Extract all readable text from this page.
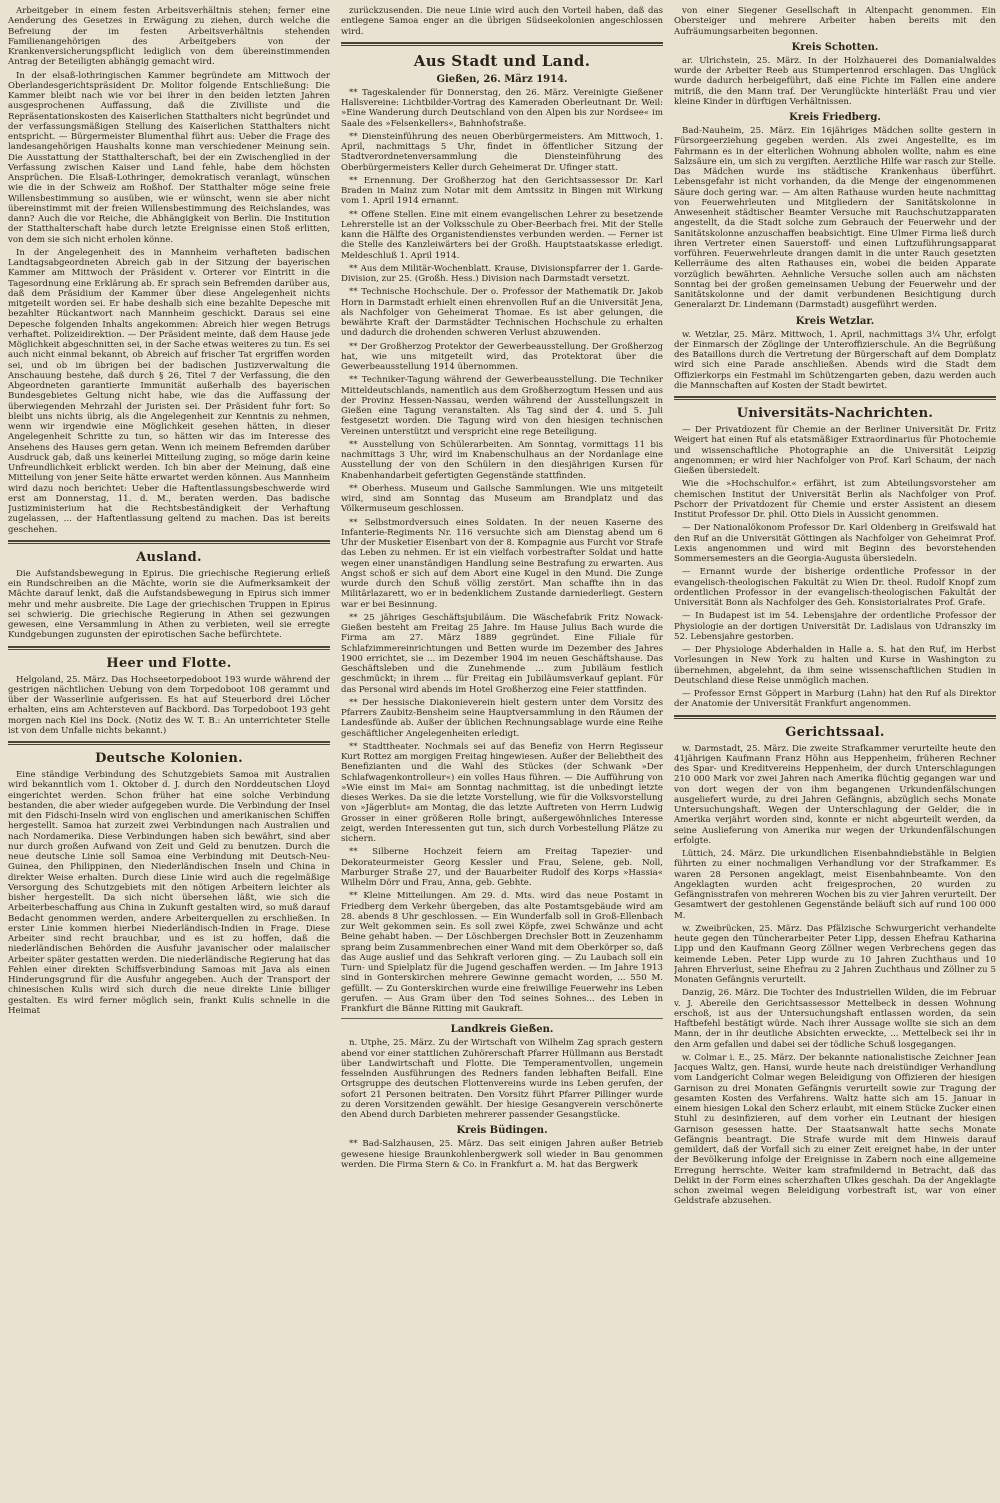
Arbeitgeber in einem festen Arbeitsverhältnis stehen; ferner eine Aenderung des Gesetzes in Erwägung zu ziehen, durch welche die Befreiung der im festen Arbeitsverhältnis stehenden Familienangehörigen des Arbeitgebers von der Krankenversicherungspflicht lediglich von dem übereinstimmenden Antrag der Beteiligten abhängig gemacht wird.

In der elsaß-lothringischen Kammer begründete am Mittwoch der Oberlandesgerichtspräsident Dr. Molitor folgende Entschließung: Die Kammer bleibt nach wie vor bei ihrer in den beiden letzten Jahren ausgesprochenen Auffassung, daß die Zivilliste und die Repräsentationskosten des Kaiserlichen Statthalters nicht begründet und der verfassungsmäßigen Stellung des Kaiserlichen Statthalters nicht entspricht. — Bürgermeister Blumenthal führt aus: Ueber die Frage des landesangehörigen Haushalts konne man verschiedener Meinung sein. Die Ausstattung der Statthalterschaft, bei der ein Zwischenglied in der Verfassung zwischen Kaiser und Land fehle, habe dem höchsten Ansprüchen. Die Elsaß-Lothringer, demokratisch veranlagt, wünschen wie die in der Schweiz am Roßhof. Der Statthalter möge seine freie Willensbestimmung so ausüben, wie er wünscht, wenn sie aber nicht übereinstimmt mit der freien Willensbestimmung des Reichslandes, was dann? Auch die vor Reiche, die Abhängigkeit von Berlin. Die Institution der Statthalterschaft habe durch letzte Ereignisse einen Stoß erlitten, von dem sie sich nicht erholen könne.

In der Angelegenheit des in Mannheim verhafteten badischen Landtagsabgeordneten Abreich gab in der Sitzung der bayerischen Kammer am Mittwoch der Präsident v. Orterer vor Eintritt in die Tagesordnung eine Erklärung ab. Er sprach sein Befremden darüber aus, daß dem Präsidium der Kammer über diese Angelegenheit nichts mitgeteilt worden sei. Er habe deshalb sich eine bezahlte Depesche mit bezahlter Rückantwort nach Mannheim geschickt. Daraus sei eine Depesche folgenden Inhalts angekommen: Abreich hier wegen Betrugs verhaftet. Polizeidirektion. — Der Präsident meinte, daß dem Hause jede Möglichkeit abgeschnitten sei, in der Sache etwas weiteres zu tun. Es sei auch nicht einmal bekannt, ob Abreich auf frischer Tat ergriffen worden sei, und ob im übrigen bei der badischen Justizverwaltung die Anschauung bestehe, daß durch § 26, Titel 7 der Verfassung, die den Abgeordneten garantierte Immunität außerhalb des bayerischen Bundesgebietes Geltung nicht habe, wie das die Auffassung der überwiegenden Mehrzahl der Juristen sei. Der Präsident fuhr fort: So bleibt uns nichts übrig, als die Angelegenheit zur Kenntnis zu nehmen, wenn wir irgendwie eine Möglichkeit gesehen hätten, in dieser Angelegenheit Schritte zu tun, so hätten wir das im Interesse des Ansehens des Hauses gern getan. Wenn ich meinem Befremden darüber Ausdruck gab, daß uns keinerlei Mitteilung zuging, so möge darin keine Unfreundlichkeit erblickt werden. Ich bin aber der Meinung, daß eine Mitteilung von jener Seite hätte erwartet werden können. Aus Mannheim wird dazu noch berichtet: Ueber die Haftentlassungsbeschwerde wird erst am Donnerstag, 11. d. M., beraten werden. Das badische Justizministerium hat die Rechtsbeständigkeit der Verhaftung zugelassen, ... der Haftentlassung geltend zu machen. Das ist bereits geschehen.

Ausland.

Die Aufstandsbewegung in Epirus. Die griechische Regierung erließ ein Rundschreiben an die Mächte, worin sie die Aufmerksamkeit der Mächte darauf lenkt, daß die Aufstandsbewegung in Epirus sich immer mehr und mehr ausbreite. Die Lage der griechischen Truppen in Epirus sei schwierig. Die griechische Regierung in Athen sei gezwungen gewesen, eine Versammlung in Athen zu verbieten, weil sie erregte Kundgebungen zugunsten der epirotischen Sache befürchtete.

Heer und Flotte.

Helgoland, 25. März. Das Hochseetorpedoboot 193 wurde während der gestrigen nächtlichen Uebung von dem Torpedoboot 108 gerammt und über der Wasserlinie aufgerissen. Es hat auf Steuerbord drei Löcher erhalten, eins am Achtersteven auf Backbord. Das Torpedoboot 193 geht morgen nach Kiel ins Dock. (Notiz des W. T. B.: An unterrichteter Stelle ist von dem Unfalle nichts bekannt.)

Deutsche Kolonien.

Eine ständige Verbindung des Schutzgebiets Samoa mit Australien wird bekanntlich vom 1. Oktober d. J. durch den Norddeutschen Lloyd eingerichtet werden. Schon früher hat eine solche Verbindung bestanden, die aber wieder aufgegeben wurde. Die Verbindung der Insel mit den Fidschi-Inseln wird von englischen und amerikanischen Schiffen hergestellt. Samoa hat zurzeit zwei Verbindungen nach Australien und nach Nordamerika. Diese Verbindungen haben sich bewährt, sind aber nur durch großen Aufwand von Zeit und Geld zu benutzen. Durch die neue deutsche Linie soll Samoa eine Verbindung mit Deutsch-Neu-Guinea, den Philippinen, den Niederländischen Inseln und China in direkter Weise erhalten. Durch diese Linie wird auch die regelmäßige Versorgung des Schutzgebiets mit den nötigen Arbeitern leichter als bisher hergestellt. Da sich nicht übersehen läßt, wie sich die Arbeiterbeschaffung aus China in Zukunft gestalten wird, so muß darauf Bedacht genommen werden, andere Arbeiterquellen zu erschließen. In erster Linie kommen hierbei Niederländisch-Indien in Frage. Diese Arbeiter sind recht brauchbar, und es ist zu hoffen, daß die niederländischen Behörden die Ausfuhr javanischer oder malaiischer Arbeiter später gestatten werden. Die niederländische Regierung hat das Fehlen einer direkten Schiffsverbindung Samoas mit Java als einen Hinderungsgrund für die Ausfuhr angegeben. Auch der Transport der chinesischen Kulis wird sich durch die neue direkte Linie billiger gestalten. Es wird ferner möglich sein, frankt Kulis schnelle in die Heimat

zurückzusenden. Die neue Linie wird auch den Vorteil haben, daß das entlegene Samoa enger an die übrigen Südseekolonien angeschlossen wird.

Aus Stadt und Land.
Gießen, 26. März 1914.

** Tageskalender für Donnerstag, den 26. März. Vereinigte Gießener Hallsvereine: Lichtbilder-Vortrag des Kameraden Oberleutnant Dr. Weil: »Eine Wanderung durch Deutschland von den Alpen bis zur Nordsee« im Saale des »Felsenkellers«, Bahnhofstraße.

** Diensteinführung des neuen Oberbürgermeisters. Am Mittwoch, 1. April, nachmittags 5 Uhr, findet in öffentlicher Sitzung der Stadtverordnetenversammlung die Diensteinführung des Oberbürgermeisters Keller durch Geheimerat Dr. Ufinger statt.

** Ernennung. Der Großherzog hat den Gerichtsassessor Dr. Karl Braden in Mainz zum Notar mit dem Amtssitz in Bingen mit Wirkung vom 1. April 1914 ernannt.

** Offene Stellen. Eine mit einem evangelischen Lehrer zu besetzende Lehrerstelle ist an der Volksschule zu Ober-Beerbach frei. Mit der Stelle kann die Hälfte des Organistendienstes verbunden werden. — Ferner ist die Stelle des Kanzleiwärters bei der Großh. Hauptstaatskasse erledigt. Meldeschluß 1. April 1914.

** Aus dem Militär-Wochenblatt. Krause, Divisionspfarrer der 1. Garde-Division, zur 25. (Großh. Hess.) Division nach Darmstadt versetzt.

** Technische Hochschule. Der o. Professor der Mathematik Dr. Jakob Horn in Darmstadt erhielt einen ehrenvollen Ruf an die Universität Jena, als Nachfolger von Geheimerat Thomae. Es ist aber gelungen, die bewährte Kraft der Darmstädter Technischen Hochschule zu erhalten und dadurch die drohenden schweren Verlust abzuwenden.

** Der Großherzog Protektor der Gewerbeausstellung. Der Großherzog hat, wie uns mitgeteilt wird, das Protektorat über die Gewerbeausstellung 1914 übernommen.

** Techniker-Tagung während der Gewerbeausstellung. Die Techniker Mitteldeutschlands, namentlich aus dem Großherzogtum Hessen und aus der Provinz Hessen-Nassau, werden während der Ausstellungszeit in Gießen eine Tagung veranstalten. Als Tag sind der 4. und 5. Juli festgesetzt worden. Die Tagung wird von den hiesigen technischen Vereinen unterstützt und verspricht eine rege Beteiligung.

** Ausstellung von Schülerarbeiten. Am Sonntag, vormittags 11 bis nachmittags 3 Uhr, wird im Knabenschulhaus an der Nordanlage eine Ausstellung der von den Schülern in den diesjährigen Kursen für Knabenhandarbeit gefertigten Gegenstände stattfinden.

** Oberhess. Museum und Gailsche Sammlungen. Wie uns mitgeteilt wird, sind am Sonntag das Museum am Brandplatz und das Völkermuseum geschlossen.

** Selbstmordversuch eines Soldaten. In der neuen Kaserne des Infanterie-Regiments Nr. 116 versuchte sich am Dienstag abend um 6 Uhr der Musketier Eisenbart von der 8. Kompagnie aus Furcht vor Strafe das Leben zu nehmen. Er ist ein vielfach vorbestrafter Soldat und hatte wegen einer unanständigen Handlung seine Bestrafung zu erwarten. Aus Angst schoß er sich auf dem Abort eine Kugel in den Mund. Die Zunge wurde durch den Schuß völlig zerstört. Man schaffte ihn in das Militärlazarett, wo er in bedenklichem Zustande darniederliegt. Gestern war er bei Besinnung.

** 25 jähriges Geschäftsjubiläum. Die Wäschefabrik Fritz Nowack-Gießen besteht am Freitag 25 Jahre. Im Hause Julius Bach wurde die Firma am 27. März 1889 gegründet. Eine Filiale für Schlafzimmereinrichtungen und Betten wurde im Dezember des Jahres 1900 errichtet, sie ... im Dezember 1904 im neuen Geschäftshause. Das Geschäftsleben und die Zunehmende ... zum Jubiläum festlich geschmückt; in ihrem ... für Freitag ein Jubiläumsverkauf geplant. Für das Personal wird abends im Hotel Großherzog eine Feier stattfinden.

** Der hessische Diakonieverein hielt gestern unter dem Vorsitz des Pfarrers Zaubitz-Bensheim seine Hauptversammlung in den Räumen der Landesfünde ab. Außer der üblichen Rechnungsablage wurde eine Reihe geschäftlicher Angelegenheiten erledigt.

** Stadttheater. Nochmals sei auf das Benefiz von Herrn Regisseur Kurt Rottez am morgigen Freitag hingewiesen. Außer der Beliebtheit des Benefizianten und die Wahl des Stückes (der Schwank »Der Schlafwagenkontrolleur«) ein volles Haus führen. — Die Aufführung von »Wie einst im Mai« am Sonntag nachmittag, ist die unbedingt letzte dieses Werkes. Da sie die letzte Vorstellung, wie für die Volksvorstellung von »Jägerblut« am Montag, die das letzte Auftreten von Herrn Ludwig Grosser in einer größeren Rolle bringt, außergewöhnliches Interesse zeigt, werden Interessenten gut tun, sich durch Vorbestellung Plätze zu sichern.

** Silberne Hochzeit feiern am Freitag Tapezier- und Dekorateurmeister Georg Kessler und Frau, Selene, geb. Noll, Marburger Straße 27, und der Bauarbeiter Rudolf des Korps »Hassia« Wilhelm Dörr und Frau, Anna, geb. Gebhte.

** Kleine Mitteilungen. Am 29. d. Mts. wird das neue Postamt in Friedberg dem Verkehr übergeben, das alte Postamtsgebäude wird am 28. abends 8 Uhr geschlossen. — Ein Wunderfalb soll in Groß-Ellenbach zur Welt gekommen sein. Es soll zwei Köpfe, zwei Schwänze und acht Beine gehabt haben. — Der Löschbergen Drechsler Bott in Zeuzenhamm sprang beim Zusammenbrechen einer Wand mit dem Oberkörper so, daß das Auge auslief und das Sehkraft verloren ging. — Zu Laubach soll ein Turn- und Spielplatz für die Jugend geschaffen werden. — Im Jahre 1913 sind in Gonterskirchen mehrere Gewinne gemacht worden, ... 550 M. gefüllt. — Zu Gonterskirchen wurde eine freiwillige Feuerwehr ins Leben gerufen. — Aus Gram über den Tod seines Sohnes... des Leben in Frankfurt die Bänne Ritting mit Gaukraft.

Landkreis Gießen.

n. Utphe, 25. März. Zu der Wirtschaft von Wilhelm Zag sprach gestern abend vor einer stattlichen Zuhörerschaft Pfarrer Hüllmann aus Berstadt über Landwirtschaft und Flotte. Die Temperamentvollen, ungemein fesselnden Ausführungen des Redners fanden lebhaften Beifall. Eine Ortsgruppe des deutschen Flottenvereins wurde ins Leben gerufen, der sofort 21 Personen beitraten. Den Vorsitz führt Pfarrer Pillinger wurde zu deren Vorsitzenden gewählt. Der hiesige Gesangverein verschönerte den Abend durch Darbieten mehrerer passender Gesangstücke.

Kreis Büdingen.

** Bad-Salzhausen, 25. März. Das seit einigen Jahren außer Betrieb gewesene hiesige Braunkohlenbergwerk soll wieder in Bau genommen werden. Die Firma Stern & Co. in Frankfurt a. M. hat das Bergwerk

von einer Siegener Gesellschaft in Altenpacht genommen. Ein Obersteiger und mehrere Arbeiter haben bereits mit den Aufräumungsarbeiten begonnen.

Kreis Schotten.

ar. Ulrichstein, 25. März. In der Holzhauerei des Domanialwaldes wurde der Arbeiter Reeb aus Stumpertenrod erschlagen. Das Unglück wurde dadurch herbeigeführt, daß eine Fichte im Fallen eine andere mitriß, die den Mann traf. Der Verunglückte hinterläßt Frau und vier kleine Kinder in dürftigen Verhältnissen.

Kreis Friedberg.

Bad-Nauheim, 25. März. Ein 16jähriges Mädchen sollte gestern in Fürsorgeerziehung gegeben werden. Als zwei Angestellte, es im Fahrmann es in der elterlichen Wohnung abholen wollte, nahm es eine Salzsäure ein, um sich zu vergiften. Aerztliche Hilfe war rasch zur Stelle. Das Mädchen wurde ins städtische Krankenhaus überführt. Lebensgefahr ist nicht vorhanden, da die Menge der eingenommenen Säure doch gering war. — Am alten Rathause wurden heute nachmittag von Feuerwehrleuten und Mitgliedern der Sanitätskolonne in Anwesenheit städtischer Beamter Versuche mit Rauchschutzapparaten angestellt, da die Stadt solche zum Gebrauch der Feuerwehr und der Sanitätskolonne anzuschaffen beabsichtigt. Eine Ulmer Firma ließ durch ihren Vertreter einen Sauerstoff- und einen Luftzuführungsapparat vorführen. Feuerwehrleute drangen damit in die unter Rauch gesetzten Kellerräume des alten Rathauses ein, wobei die beiden Apparate vorzüglich bewährten. Aehnliche Versuche sollen auch am nächsten Sonntag bei der großen gemeinsamen Uebung der Feuerwehr und der Sanitätskolonne und der damit verbundenen Besichtigung durch Generalarzt Dr. Lindemann (Darmstadt) ausgeführt werden.

Kreis Wetzlar.

w. Wetzlar, 25. März. Mittwoch, 1. April, nachmittags 3¼ Uhr, erfolgt der Einmarsch der Zöglinge der Unteroffizierschule. An die Begrüßung des Bataillons durch die Vertretung der Bürgerschaft auf dem Domplatz wird sich eine Parade anschließen. Abends wird die Stadt dem Offizierkorps ein Festmahl im Schützengarten geben, dazu werden auch die Mannschaften auf Kosten der Stadt bewirtet.

Universitäts-Nachrichten.

— Der Privatdozent für Chemie an der Berliner Universität Dr. Fritz Weigert hat einen Ruf als etatsmäßiger Extraordinarius für Photochemie und wissenschaftliche Photographie an die Universität Leipzig angenommen; er wird hier Nachfolger von Prof. Karl Schaum, der nach Gießen übersiedelt.

Wie die »Hochschulfor.« erfährt, ist zum Abteilungsvorsteher am chemischen Institut der Universität Berlin als Nachfolger von Prof. Pschorr der Privatdozent für Chemie und erster Assistent an diesem Institut Professor Dr. phil. Otto Diels in Aussicht genommen.

— Der Nationalökonom Professor Dr. Karl Oldenberg in Greifswald hat den Ruf an die Universität Göttingen als Nachfolger von Geheimrat Prof. Lexis angenommen und wird mit Beginn des bevorstehenden Sommersemesters an die Georgia-Augusta übersiedeln.

— Ernannt wurde der bisherige ordentliche Professor in der evangelisch-theologischen Fakultät zu Wien Dr. theol. Rudolf Knopf zum ordentlichen Professor in der evangelisch-theologischen Fakultät der Universität Bonn als Nachfolger des Geh. Konsistorialrates Prof. Grafe.

— In Budapest ist im 54. Lebensjahre der ordentliche Professor der Physiologie an der dortigen Universität Dr. Ladislaus von Udranszky im 52. Lebensjahre gestorben.

— Der Physiologe Abderhalden in Halle a. S. hat den Ruf, im Herbst Vorlesungen in New York zu halten und Kurse in Washington zu übernehmen, abgelehnt, da ihm seine wissenschaftlichen Studien in Deutschland diese Reise unmöglich machen.

— Professor Ernst Göppert in Marburg (Lahn) hat den Ruf als Direktor der Anatomie der Universität Frankfurt angenommen.

Gerichtssaal.

w. Darmstadt, 25. März. Die zweite Strafkammer verurteilte heute den 41jährigen Kaufmann Franz Höhn aus Heppenheim, früheren Rechner des Spar- und Kreditvereins Heppenheim, der durch Unterschlagungen 210 000 Mark vor zwei Jahren nach Amerika flüchtig gegangen war und von dort wegen der von ihm begangenen Urkundenfälschungen ausgeliefert wurde, zu drei Jahren Gefängnis, abzüglich sechs Monate Untersuchungshaft. Wegen der Unterschlagung der Gelder, die in Amerika verjährt worden sind, konnte er nicht abgeurteilt werden, da seine Auslieferung von Amerika nur wegen der Urkundenfälschungen erfolgte.

Lüttich, 24. März. Die urkundlichen Eisenbahndiebstähle in Belgien führten zu einer nochmaligen Verhandlung vor der Strafkammer. Es waren 28 Personen angeklagt, meist Eisenbahnbeamte. Von den Angeklagten wurden acht freigesprochen, 20 wurden zu Gefängnisstrafen von mehreren Wochen bis zu vier Jahren verurteilt. Der Gesamtwert der gestohlenen Gegenstände beläuft sich auf rund 100 000 M.

w. Zweibrücken, 25. März. Das Pfälzische Schwurgericht verhandelte heute gegen den Tüncherarbeiter Peter Lipp, dessen Ehefrau Katharina Lipp und den Kaufmann Georg Zöllner wegen Verbrechens gegen das keimende Leben. Peter Lipp wurde zu 10 Jahren Zuchthaus und 10 Jahren Ehrverlust, seine Ehefrau zu 2 Jahren Zuchthaus und Zöllner zu 5 Monaten Gefängnis verurteilt.

Danzig, 26. März. Die Tochter des Industriellen Wilden, die im Februar v. J. Abereile den Gerichtsassessor Mettelbeck in dessen Wohnung erschoß, ist aus der Untersuchungshaft entlassen worden, da sein Haftbefehl bestätigt würde. Nach ihrer Aussage wollte sie sich an dem Mann, der in ihr deutliche Absichten erweckte, ... Mettelbeck sei ihr in den Arm gefallen und dabei sei der tödliche Schuß losgegangen.

w. Colmar i. E., 25. März. Der bekannte nationalistische Zeichner Jean Jacques Waltz, gen. Hansi, wurde heute nach dreistündiger Verhandlung vom Landgericht Colmar wegen Beleidigung von Offizieren der hiesigen Garnison zu drei Monaten Gefängnis verurteilt sowie zur Tragung der gesamten Kosten des Verfahrens. Waltz hatte sich am 15. Januar in einem hiesigen Lokal den Scherz erlaubt, mit einem Stücke Zucker einen Stuhl zu desinfizieren, auf dem vorher ein Leutnant der hiesigen Garnison gesessen hatte. Der Staatsanwalt hatte sechs Monate Gefängnis beantragt. Die Strafe wurde mit dem Hinweis darauf gemildert, daß der Vorfall sich zu einer Zeit ereignet habe, in der unter der Bevölkerung infolge der Ereignisse in Zabern noch eine allgemeine Erregung herrschte. Weiter kam strafmildernd in Betracht, daß das Delikt in der Form eines scherzhaften Ulkes geschah. Da der Angeklagte schon zweimal wegen Beleidigung vorbestraft ist, war von einer Geldstrafe abzusehen.
